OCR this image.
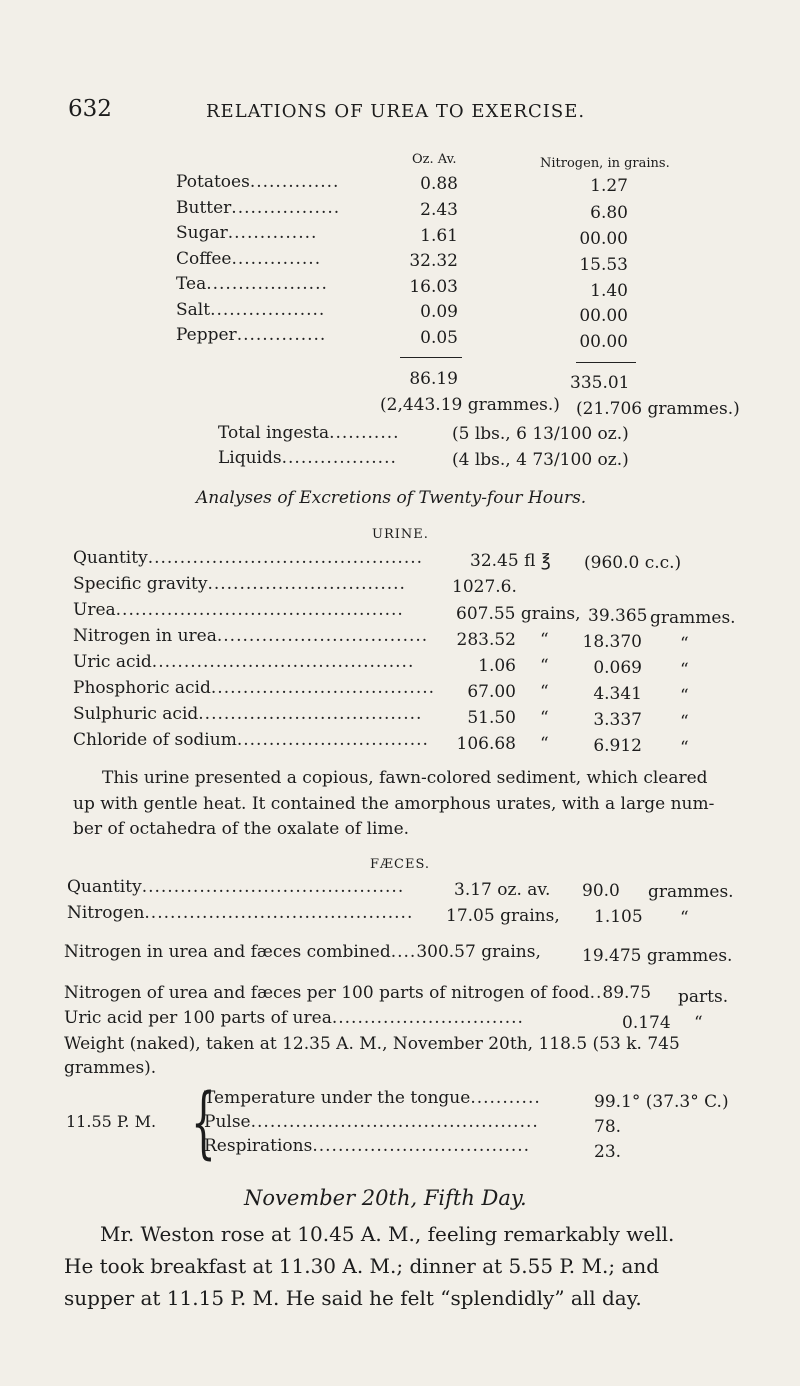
632	RELATIONS OF UREA TO EXERCISE.
Oz. Av.	Nitrogen, in grains.
Potatoes..............	0.88	1.27
Butter.................	2.43	6.80
Sugar..............	1.61	00.00
Coffee..............	32.32	15.53
Tea...................	16.03	1.40
Salt..................	0.09	00.00
Pepper..............	0.05	00.00
86.19	335.01
(2,443.19 grammes.) (21.706 grammes.)
Total ingesta...........	(5 lbs., 6 13/100 oz.)
Liquids..................	(4 lbs., 4 73/100 oz.)
Analyses of Excretions of Twenty-four Hours.
URINE.
Quantity...........................................	32.45 fl ℥ (960.0 c.c.)
Specific gravity...............................	1027.6.
Urea.............................................	607.55 grains, 39.365 grammes.
Nitrogen in urea.................................	283.52 “	18.370 “
Uric acid.........................................	1.06 “	0.069 “
Phosphoric acid...................................	67.00 “	4.341 “
Sulphuric acid...................................	51.50 “	3.337 “
Chloride of sodium..............................	106.68 “	6.912 “
This urine presented a copious, fawn-colored sediment, which cleared
up with gentle heat. It contained the amorphous urates, with a large num-
ber of octahedra of the oxalate of lime.
FÆCES.
Quantity.........................................	3.17 oz. av. 90.0 grammes.
Nitrogen.......................................... 17.05 grains, 1.105 “
Nitrogen in urea and fæces combined....300.57 grains, 19.475 grammes.
Nitrogen of urea and fæces per 100 parts of nitrogen of food..89.75 parts.
Uric acid per 100 parts of urea..............................	0.174 “
Weight (naked), taken at 12.35 A. M., November 20th, 118.5 (53 k. 745
grammes).
11.55 P. M. {
Temperature under the tongue...........	99.1° (37.3° C.)
Pulse.............................................	78.
Respirations..................................	23.
November 20th, Fifth Day.
Mr. Weston rose at 10.45 A. M., feeling remarkably well.
He took breakfast at 11.30 A. M.; dinner at 5.55 P. M.; and
supper at 11.15 P. M. He said he felt “splendidly” all day.
